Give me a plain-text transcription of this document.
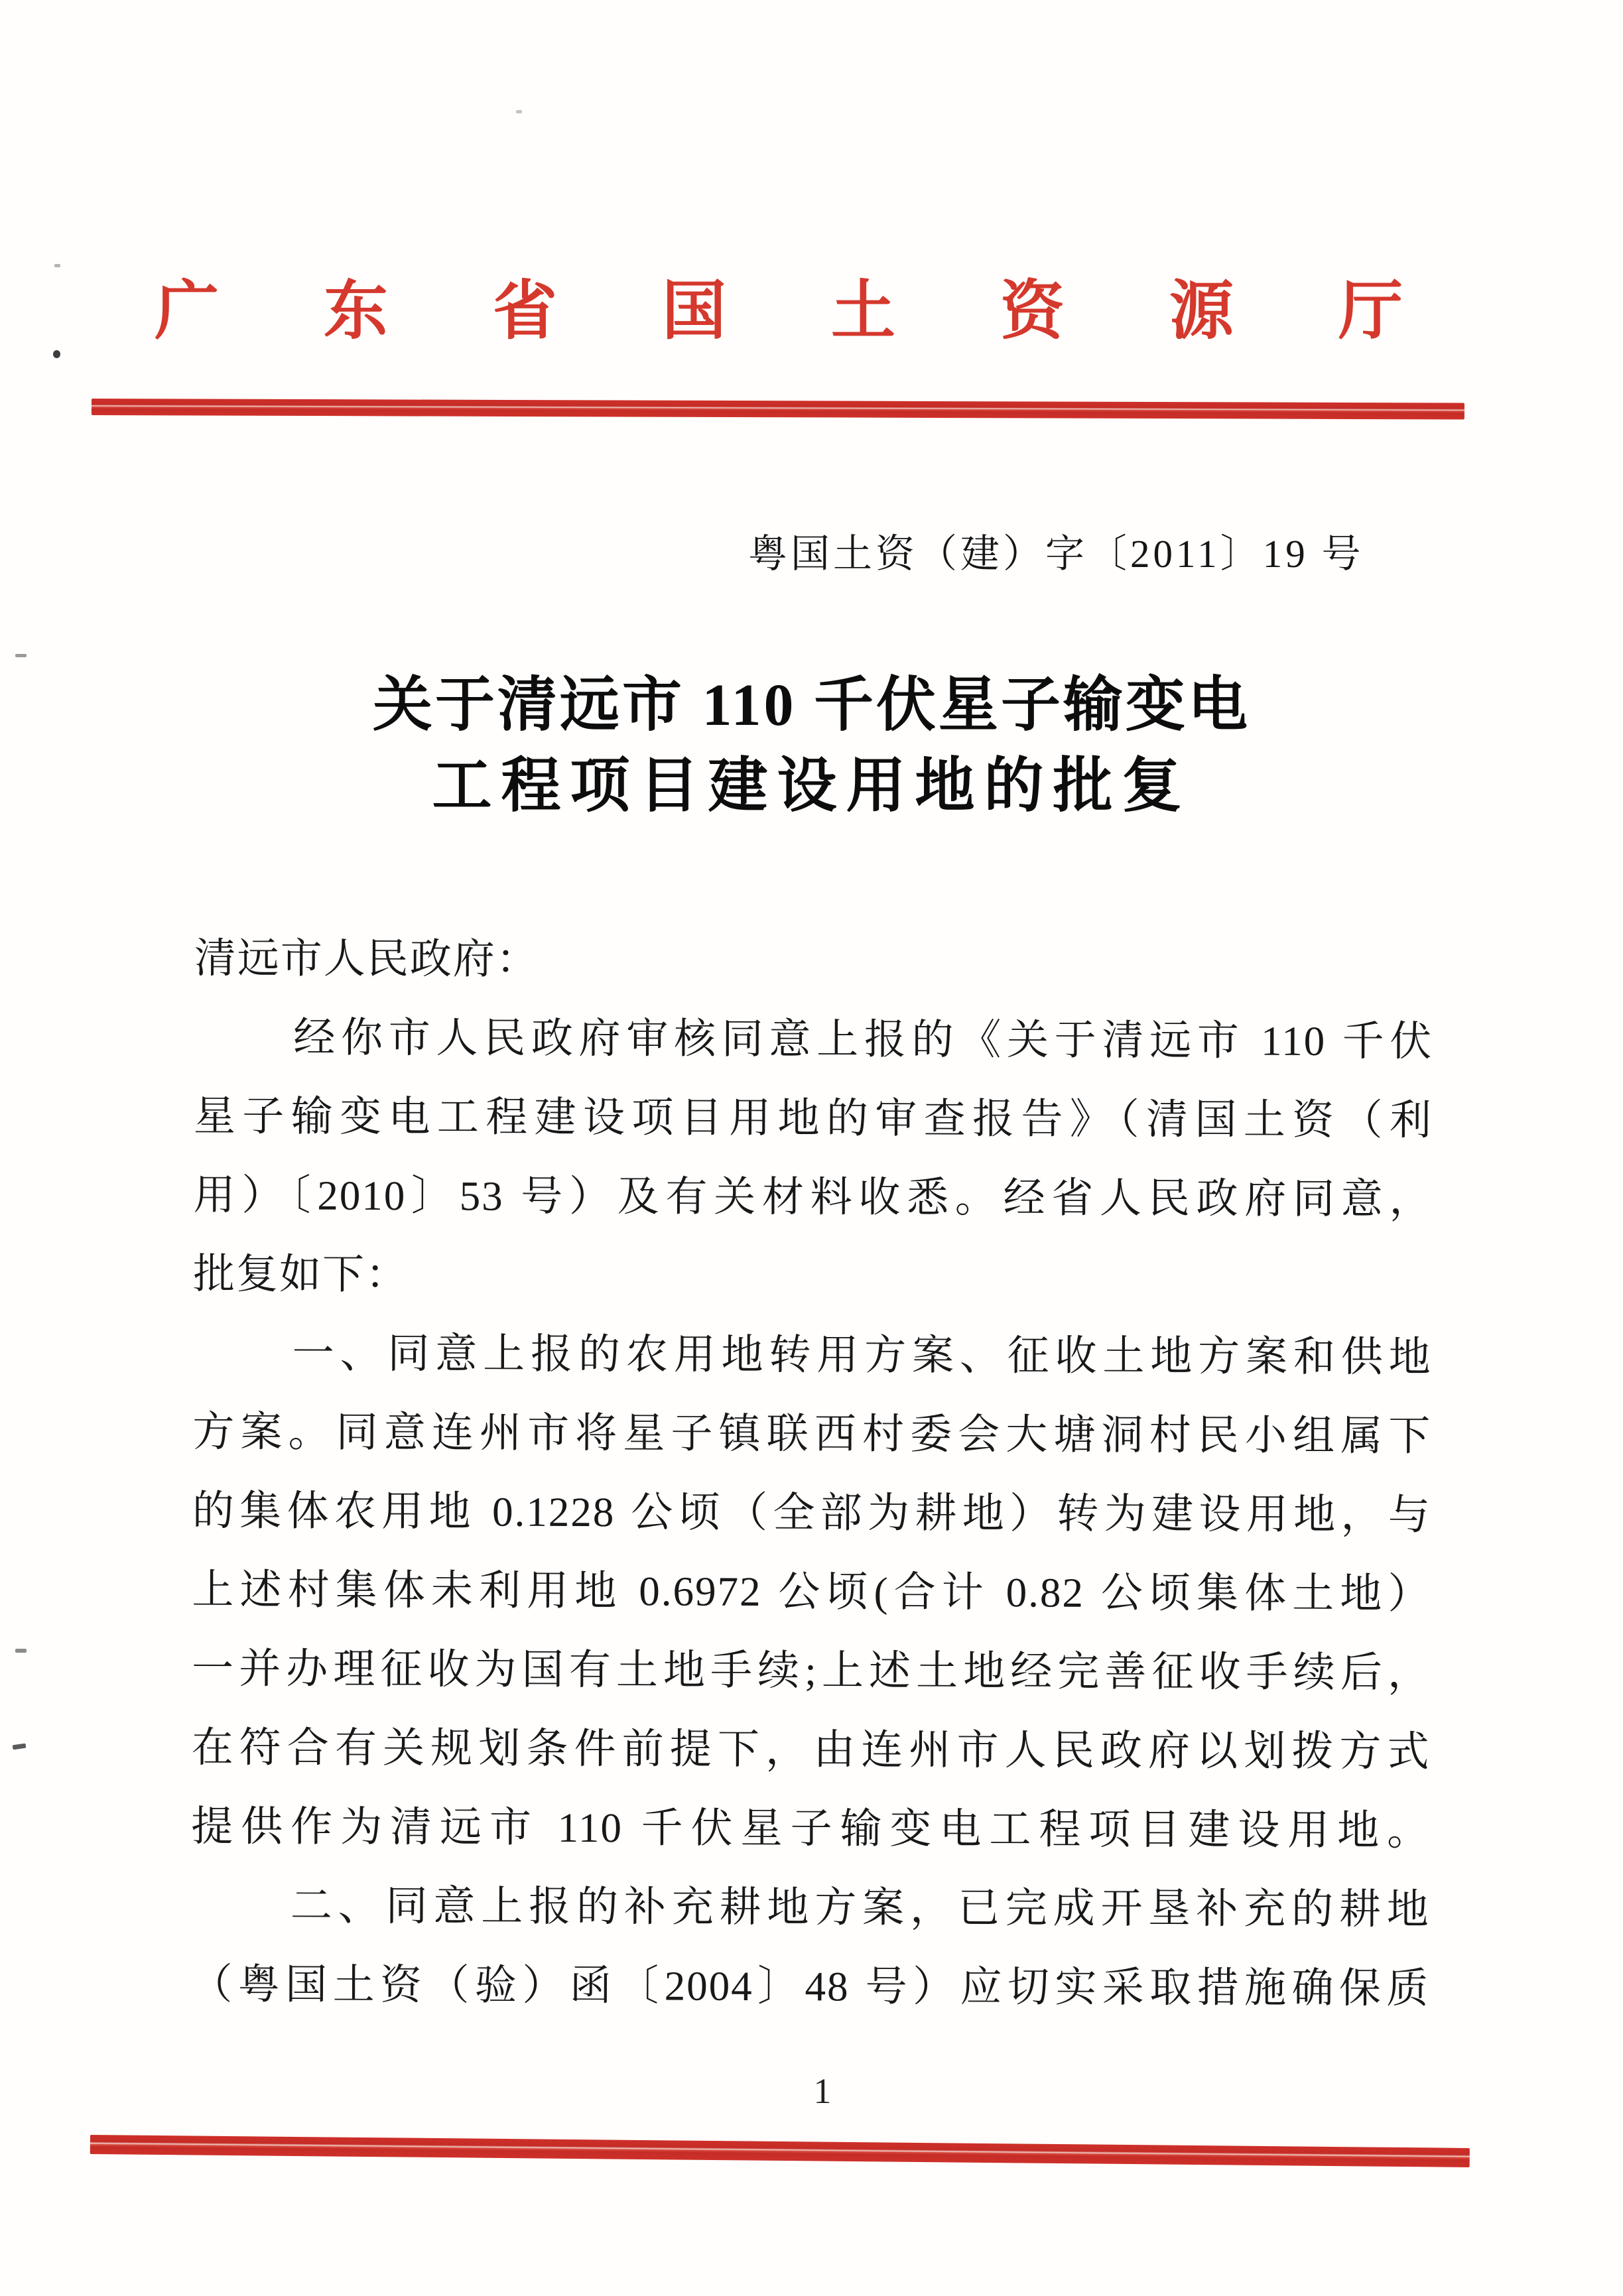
广东省国土资源厅
粤国土资（建）字〔2011〕19 号
关于清远市 110 千伏星子输变电
工程项目建设用地的批复
清远市人民政府：
经你市人民政府审核同意上报的《关于清远市 110 千伏
星子输变电工程建设项目用地的审查报告》（清国土资（利
用）〔2010〕53 号）及有关材料收悉。经省人民政府同意，
批复如下：
一、同意上报的农用地转用方案、征收土地方案和供地
方案。同意连州市将星子镇联西村委会大塘洞村民小组属下
的集体农用地 0.1228 公顷（全部为耕地）转为建设用地，与
上述村集体未利用地 0.6972 公顷(合计 0.82 公顷集体土地）
一并办理征收为国有土地手续;上述土地经完善征收手续后，
在符合有关规划条件前提下，由连州市人民政府以划拨方式
提供作为清远市 110 千伏星子输变电工程项目建设用地。
二、同意上报的补充耕地方案，已完成开垦补充的耕地
（粤国土资（验）函〔2004〕48 号）应切实采取措施确保质
1
